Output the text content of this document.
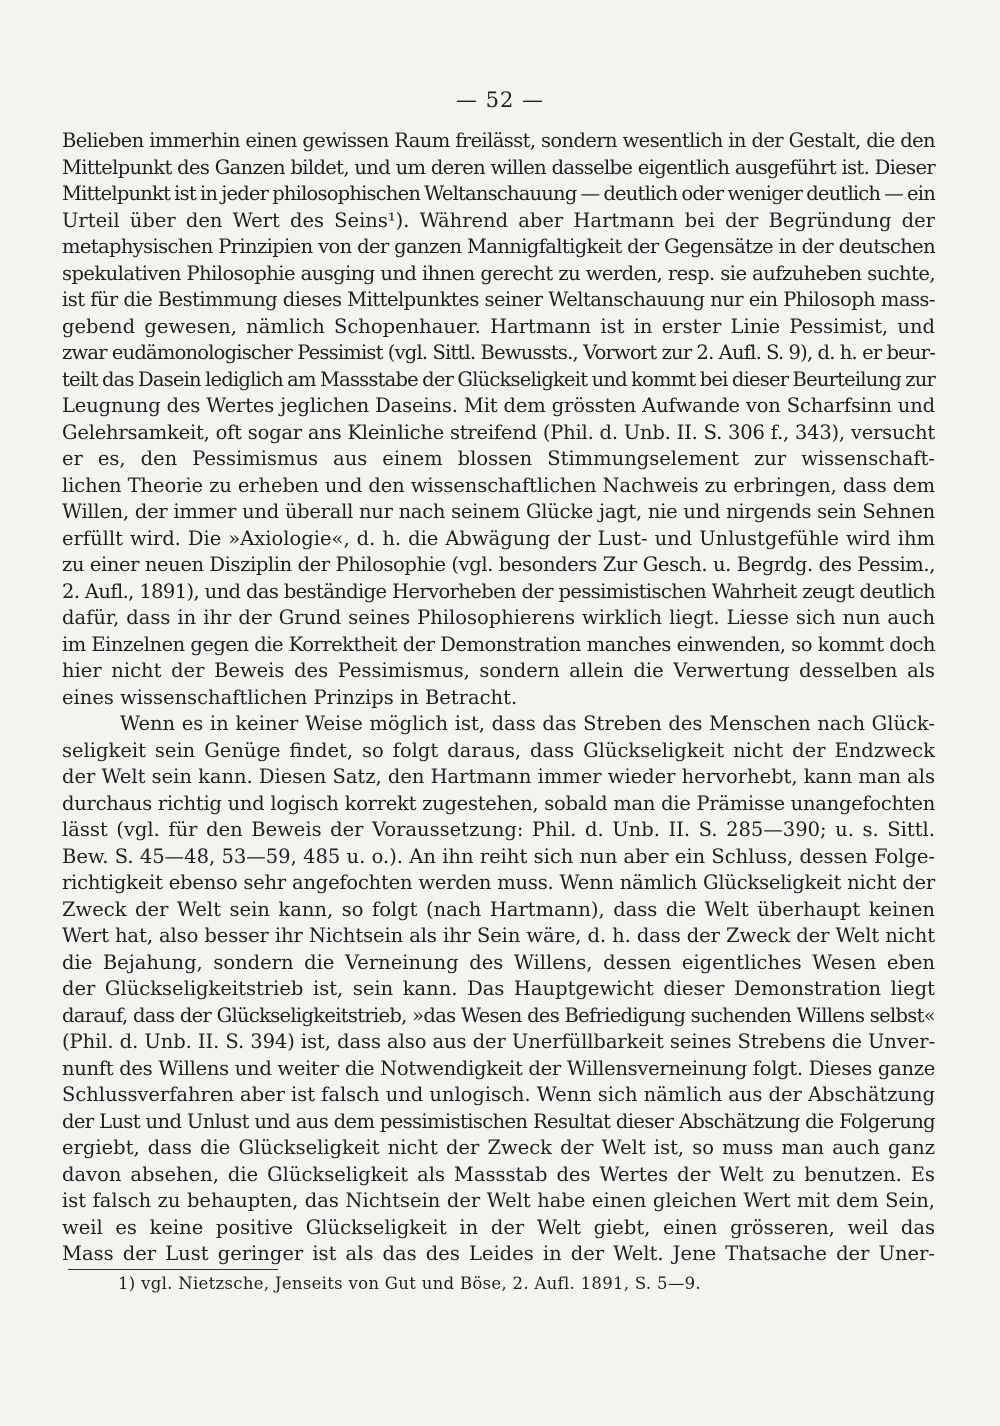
— 52 —
Belieben immerhin einen gewissen Raum freilässt, sondern wesentlich in der Gestalt, die den
Mittelpunkt des Ganzen bildet, und um deren willen dasselbe eigentlich ausgeführt ist. Dieser
Mittelpunkt ist in jeder philosophischen Weltanschauung — deutlich oder weniger deutlich — ein
Urteil über den Wert des Seins¹). Während aber Hartmann bei der Begründung der
metaphysischen Prinzipien von der ganzen Mannigfaltigkeit der Gegensätze in der deutschen
spekulativen Philosophie ausging und ihnen gerecht zu werden, resp. sie aufzuheben suchte,
ist für die Bestimmung dieses Mittelpunktes seiner Weltanschauung nur ein Philosoph mass-
gebend gewesen, nämlich Schopenhauer. Hartmann ist in erster Linie Pessimist, und
zwar eudämonologischer Pessimist (vgl. Sittl. Bewussts., Vorwort zur 2. Aufl. S. 9), d. h. er beur-
teilt das Dasein lediglich am Massstabe der Glückseligkeit und kommt bei dieser Beurteilung zur
Leugnung des Wertes jeglichen Daseins. Mit dem grössten Aufwande von Scharfsinn und
Gelehrsamkeit, oft sogar ans Kleinliche streifend (Phil. d. Unb. II. S. 306 f., 343), versucht
er es, den Pessimismus aus einem blossen Stimmungselement zur wissenschaft-
lichen Theorie zu erheben und den wissenschaftlichen Nachweis zu erbringen, dass dem
Willen, der immer und überall nur nach seinem Glücke jagt, nie und nirgends sein Sehnen
erfüllt wird. Die »Axiologie«, d. h. die Abwägung der Lust- und Unlustgefühle wird ihm
zu einer neuen Disziplin der Philosophie (vgl. besonders Zur Gesch. u. Begrdg. des Pessim.,
2. Aufl., 1891), und das beständige Hervorheben der pessimistischen Wahrheit zeugt deutlich
dafür, dass in ihr der Grund seines Philosophierens wirklich liegt. Liesse sich nun auch
im Einzelnen gegen die Korrektheit der Demonstration manches einwenden, so kommt doch
hier nicht der Beweis des Pessimismus, sondern allein die Verwertung desselben als
eines wissenschaftlichen Prinzips in Betracht.
Wenn es in keiner Weise möglich ist, dass das Streben des Menschen nach Glück-
seligkeit sein Genüge findet, so folgt daraus, dass Glückseligkeit nicht der Endzweck
der Welt sein kann. Diesen Satz, den Hartmann immer wieder hervorhebt, kann man als
durchaus richtig und logisch korrekt zugestehen, sobald man die Prämisse unangefochten
lässt (vgl. für den Beweis der Voraussetzung: Phil. d. Unb. II. S. 285—390; u. s. Sittl.
Bew. S. 45—48, 53—59, 485 u. o.). An ihn reiht sich nun aber ein Schluss, dessen Folge-
richtigkeit ebenso sehr angefochten werden muss. Wenn nämlich Glückseligkeit nicht der
Zweck der Welt sein kann, so folgt (nach Hartmann), dass die Welt überhaupt keinen
Wert hat, also besser ihr Nichtsein als ihr Sein wäre, d. h. dass der Zweck der Welt nicht
die Bejahung, sondern die Verneinung des Willens, dessen eigentliches Wesen eben
der Glückseligkeitstrieb ist, sein kann. Das Hauptgewicht dieser Demonstration liegt
darauf, dass der Glückseligkeitstrieb, »das Wesen des Befriedigung suchenden Willens selbst«
(Phil. d. Unb. II. S. 394) ist, dass also aus der Unerfüllbarkeit seines Strebens die Unver-
nunft des Willens und weiter die Notwendigkeit der Willensverneinung folgt. Dieses ganze
Schlussverfahren aber ist falsch und unlogisch. Wenn sich nämlich aus der Abschätzung
der Lust und Unlust und aus dem pessimistischen Resultat dieser Abschätzung die Folgerung
ergiebt, dass die Glückseligkeit nicht der Zweck der Welt ist, so muss man auch ganz
davon absehen, die Glückseligkeit als Massstab des Wertes der Welt zu benutzen. Es
ist falsch zu behaupten, das Nichtsein der Welt habe einen gleichen Wert mit dem Sein,
weil es keine positive Glückseligkeit in der Welt giebt, einen grösseren, weil das
Mass der Lust geringer ist als das des Leides in der Welt. Jene Thatsache der Uner-
1) vgl. Nietzsche, Jenseits von Gut und Böse, 2. Aufl. 1891, S. 5—9.
